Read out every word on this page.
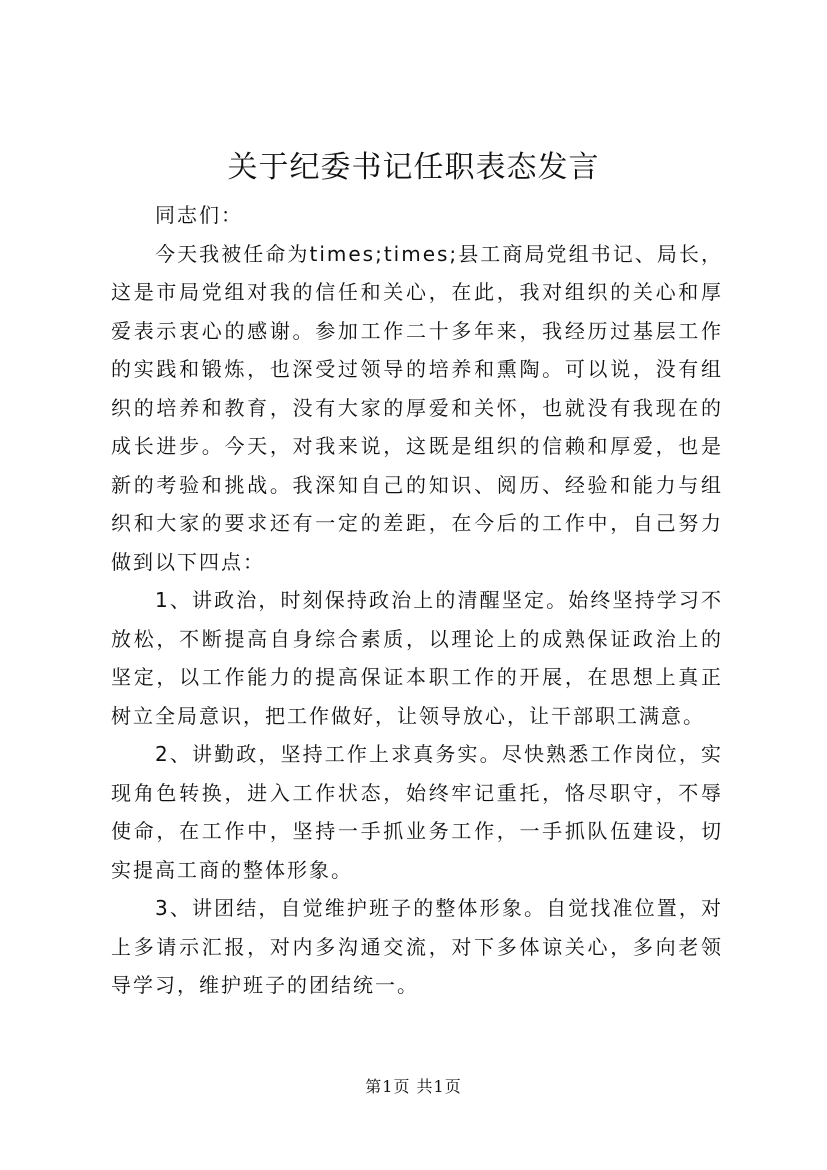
关于纪委书记任职表态发言

同志们：

今天我被任命为times;times;县工商局党组书记、局长，这是市局党组对我的信任和关心，在此，我对组织的关心和厚爱表示衷心的感谢。参加工作二十多年来，我经历过基层工作的实践和锻炼，也深受过领导的培养和熏陶。可以说，没有组织的培养和教育，没有大家的厚爱和关怀，也就没有我现在的成长进步。今天，对我来说，这既是组织的信赖和厚爱，也是新的考验和挑战。我深知自己的知识、阅历、经验和能力与组织和大家的要求还有一定的差距，在今后的工作中，自己努力做到以下四点：

1、讲政治，时刻保持政治上的清醒坚定。始终坚持学习不放松，不断提高自身综合素质，以理论上的成熟保证政治上的坚定，以工作能力的提高保证本职工作的开展，在思想上真正树立全局意识，把工作做好，让领导放心，让干部职工满意。

2、讲勤政，坚持工作上求真务实。尽快熟悉工作岗位，实现角色转换，进入工作状态，始终牢记重托，恪尽职守，不辱使命，在工作中，坚持一手抓业务工作，一手抓队伍建设，切实提高工商的整体形象。

3、讲团结，自觉维护班子的整体形象。自觉找准位置，对上多请示汇报，对内多沟通交流，对下多体谅关心，多向老领导学习，维护班子的团结统一。

第1页 共1页
